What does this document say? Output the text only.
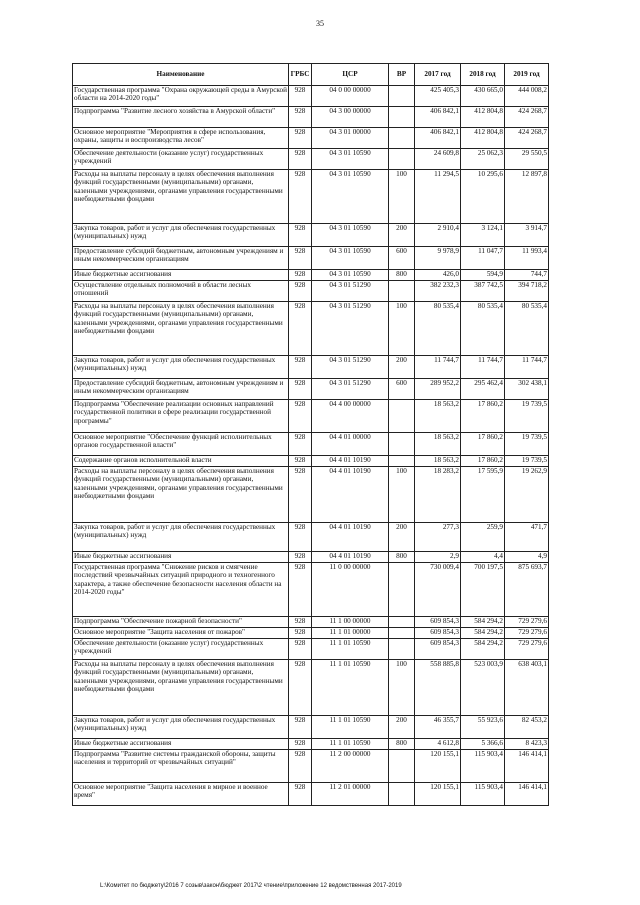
35
Наименование	ГРБС	ЦСР	ВР	2017 год	2018 год	2019 год
Государственная программа "Охрана окружающей среды в Амурской области на 2014-2020 годы"	928	04 0 00 00000		425 405,3	430 665,0	444 008,2
Подпрограмма "Развитие лесного хозяйства в Амурской области"	928	04 3 00 00000		406 842,1	412 804,8	424 268,7
Основное мероприятие "Мероприятия в сфере использования, охраны, защиты и воспроизводства лесов"	928	04 3 01 00000		406 842,1	412 804,8	424 268,7
Обеспечение деятельности (оказание услуг) государственных учреждений	928	04 3 01 10590		24 609,8	25 062,3	29 550,5
Расходы на выплаты персоналу в целях обеспечения выполнения функций государственными (муниципальными) органами, казенными учреждениями, органами управления государственными внебюджетными фондами	928	04 3 01 10590	100	11 294,5	10 295,6	12 897,8
Закупка товаров, работ и услуг для обеспечения государственных (муниципальных) нужд	928	04 3 01 10590	200	2 910,4	3 124,1	3 914,7
Предоставление субсидий бюджетным, автономным учреждениям и иным некоммерческим организациям	928	04 3 01 10590	600	9 978,9	11 047,7	11 993,4
Иные бюджетные ассигнования	928	04 3 01 10590	800	426,0	594,9	744,7
Осуществление отдельных полномочий в области лесных отношений	928	04 3 01 51290		382 232,3	387 742,5	394 718,2
Расходы на выплаты персоналу в целях обеспечения выполнения функций государственными (муниципальными) органами, казенными учреждениями, органами управления государственными внебюджетными фондами	928	04 3 01 51290	100	80 535,4	80 535,4	80 535,4
Закупка товаров, работ и услуг для обеспечения государственных (муниципальных) нужд	928	04 3 01 51290	200	11 744,7	11 744,7	11 744,7
Предоставление субсидий бюджетным, автономным учреждениям и иным некоммерческим организациям	928	04 3 01 51290	600	289 952,2	295 462,4	302 438,1
Подпрограмма "Обеспечение реализации основных направлений государственной политики в сфере реализации государственной программы"	928	04 4 00 00000		18 563,2	17 860,2	19 739,5
Основное мероприятие "Обеспечение функций исполнительных органов государственной власти"	928	04 4 01 00000		18 563,2	17 860,2	19 739,5
Содержание органов исполнительной власти	928	04 4 01 10190		18 563,2	17 860,2	19 739,5
Расходы на выплаты персоналу в целях обеспечения выполнения функций государственными (муниципальными) органами, казенными учреждениями, органами управления государственными внебюджетными фондами	928	04 4 01 10190	100	18 283,2	17 595,9	19 262,9
Закупка товаров, работ и услуг для обеспечения государственных (муниципальных) нужд	928	04 4 01 10190	200	277,3	259,9	471,7
Иные бюджетные ассигнования	928	04 4 01 10190	800	2,9	4,4	4,9
Государственная программа "Снижение рисков и смягчение последствий чрезвычайных ситуаций природного и техногенного характера, а также обеспечение безопасности населения области на 2014-2020 годы"	928	11 0 00 00000		730 009,4	700 197,5	875 693,7
Подпрограмма "Обеспечение пожарной безопасности"	928	11 1 00 00000		609 854,3	584 294,2	729 279,6
Основное мероприятие "Защита населения от пожаров"	928	11 1 01 00000		609 854,3	584 294,2	729 279,6
Обеспечение деятельности (оказание услуг) государственных учреждений	928	11 1 01 10590		609 854,3	584 294,2	729 279,6
Расходы на выплаты персоналу в целях обеспечения выполнения функций государственными (муниципальными) органами, казенными учреждениями, органами управления государственными внебюджетными фондами	928	11 1 01 10590	100	558 885,8	523 003,9	638 403,1
Закупка товаров, работ и услуг для обеспечения государственных (муниципальных) нужд	928	11 1 01 10590	200	46 355,7	55 923,6	82 453,2
Иные бюджетные ассигнования	928	11 1 01 10590	800	4 612,8	5 366,6	8 423,3
Подпрограмма "Развитие системы гражданской обороны, защиты населения и территорий от чрезвычайных ситуаций"	928	11 2 00 00000		120 155,1	115 903,4	146 414,1
Основное мероприятие "Защита населения в мирное и военное время"	928	11 2 01 00000		120 155,1	115 903,4	146 414,1
L:\Комитет по бюджету\2016 7 созыв\закон\бюджет 2017\2 чтение\приложение 12 ведомственная 2017-2019
